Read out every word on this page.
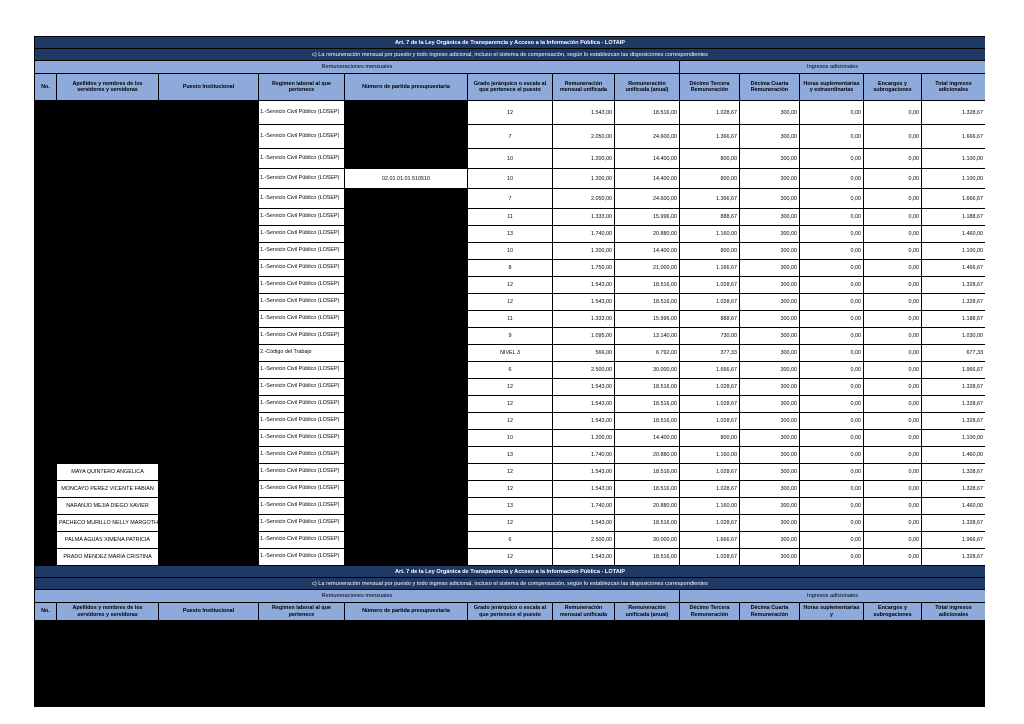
Art. 7 de la Ley Orgánica de Transparencia y Acceso a la Información Pública - LOTAIP												
c) La remuneración mensual por puesto y todo ingreso adicional, incluso el sistema de compensación, según lo establezcan las disposiciones correspondientes												
Remuneraciones mensuales								Ingresos adicionales				
No.	Apellidos y nombres de los servidores y servidoras	Puesto Institucional	Regimen laboral al que pertenece	Número de partida presupuestaria	Grado jerárquico o escala al que pertenece el puesto	Remuneración mensual unificada	Remuneración unificada (anual)	Décimo Tercera Remuneración	Décima Cuarta Remuneración	Horas suplementarias y extraordinarias	Encargos y subrogaciones	Total ingresos adicionales
			1.-Servicio Civil Público (LOSEP)		12	1.543,00	18.516,00	1.028,67	300,00	0,00	0,00	1.328,67
			1.-Servicio Civil Público (LOSEP)		7	2.050,00	24.600,00	1.366,67	300,00	0,00	0,00	1.666,67
			1.-Servicio Civil Público (LOSEP)		10	1.200,00	14.400,00	800,00	300,00	0,00	0,00	1.100,00
			1.-Servicio Civil Público (LOSEP)	02.01.01.01.510510	10	1.200,00	14.400,00	800,00	300,00	0,00	0,00	1.100,00
			1.-Servicio Civil Público (LOSEP)		7	2.050,00	24.600,00	1.366,67	300,00	0,00	0,00	1.666,67
			1.-Servicio Civil Público (LOSEP)		11	1.333,00	15.996,00	888,67	300,00	0,00	0,00	1.188,67
			1.-Servicio Civil Público (LOSEP)		13	1.740,00	20.880,00	1.160,00	300,00	0,00	0,00	1.460,00
			1.-Servicio Civil Público (LOSEP)		10	1.200,00	14.400,00	800,00	300,00	0,00	0,00	1.100,00
			1.-Servicio Civil Público (LOSEP)		8	1.750,00	21.000,00	1.166,67	300,00	0,00	0,00	1.466,67
			1.-Servicio Civil Público (LOSEP)		12	1.543,00	18.516,00	1.028,67	300,00	0,00	0,00	1.328,67
			1.-Servicio Civil Público (LOSEP)		12	1.543,00	18.516,00	1.028,67	300,00	0,00	0,00	1.328,67
			1.-Servicio Civil Público (LOSEP)		11	1.333,00	15.996,00	888,67	300,00	0,00	0,00	1.188,67
			1.-Servicio Civil Público (LOSEP)		9	1.095,00	13.140,00	730,00	300,00	0,00	0,00	1.030,00
			2.-Código del Trabajo		NIVEL 3	566,00	6.792,00	377,33	300,00	0,00	0,00	677,33
			1.-Servicio Civil Público (LOSEP)		6	2.500,00	30.000,00	1.666,67	300,00	0,00	0,00	1.966,67
			1.-Servicio Civil Público (LOSEP)		12	1.543,00	18.516,00	1.028,67	300,00	0,00	0,00	1.328,67
			1.-Servicio Civil Público (LOSEP)		12	1.543,00	18.516,00	1.028,67	300,00	0,00	0,00	1.328,67
			1.-Servicio Civil Público (LOSEP)		12	1.543,00	18.516,00	1.028,67	300,00	0,00	0,00	1.328,67
			1.-Servicio Civil Público (LOSEP)		10	1.200,00	14.400,00	800,00	300,00	0,00	0,00	1.100,00
			1.-Servicio Civil Público (LOSEP)		13	1.740,00	20.880,00	1.160,00	300,00	0,00	0,00	1.460,00
	MAYA QUINTERO ANGELICA		1.-Servicio Civil Público (LOSEP)		12	1.543,00	18.516,00	1.028,67	300,00	0,00	0,00	1.328,67
	MONCAYO PEREZ VICENTE FABIAN		1.-Servicio Civil Público (LOSEP)		12	1.543,00	18.516,00	1.028,67	300,00	0,00	0,00	1.328,67
	NARANJO MEJIA DIEGO XAVIER		1.-Servicio Civil Público (LOSEP)		13	1.740,00	20.880,00	1.160,00	300,00	0,00	0,00	1.460,00
	PACHECO MURILLO NELLY MARGOTH		1.-Servicio Civil Público (LOSEP)		12	1.543,00	18.516,00	1.028,67	300,00	0,00	0,00	1.328,67
	PALMA AGUAS XIMENA PATRICIA		1.-Servicio Civil Público (LOSEP)		6	2.500,00	30.000,00	1.666,67	300,00	0,00	0,00	1.966,67
	PRADO MENDEZ MARIA CRISTINA		1.-Servicio Civil Público (LOSEP)		12	1.543,00	18.516,00	1.028,67	300,00	0,00	0,00	1.328,67
Art. 7 de la Ley Orgánica de Transparencia y Acceso a la Información Pública - LOTAIP												
c) La remuneración mensual por puesto y todo ingreso adicional, incluso el sistema de compensación, según lo establezcan las disposiciones correspondientes												
Remuneraciones mensuales								Ingresos adicionales				
No.	Apellidos y nombres de los servidores y servidoras	Puesto Institucional	Regimen laboral al que pertenece	Número de partida presupuestaria	Grado jerárquico o escala al que pertenece el puesto	Remuneración mensual unificada	Remuneración unificada (anual)	Décimo Tercera Remuneración	Décima Cuarta Remuneración	Horas suplementarias y	Encargos y subrogaciones	Total ingresos adicionales
